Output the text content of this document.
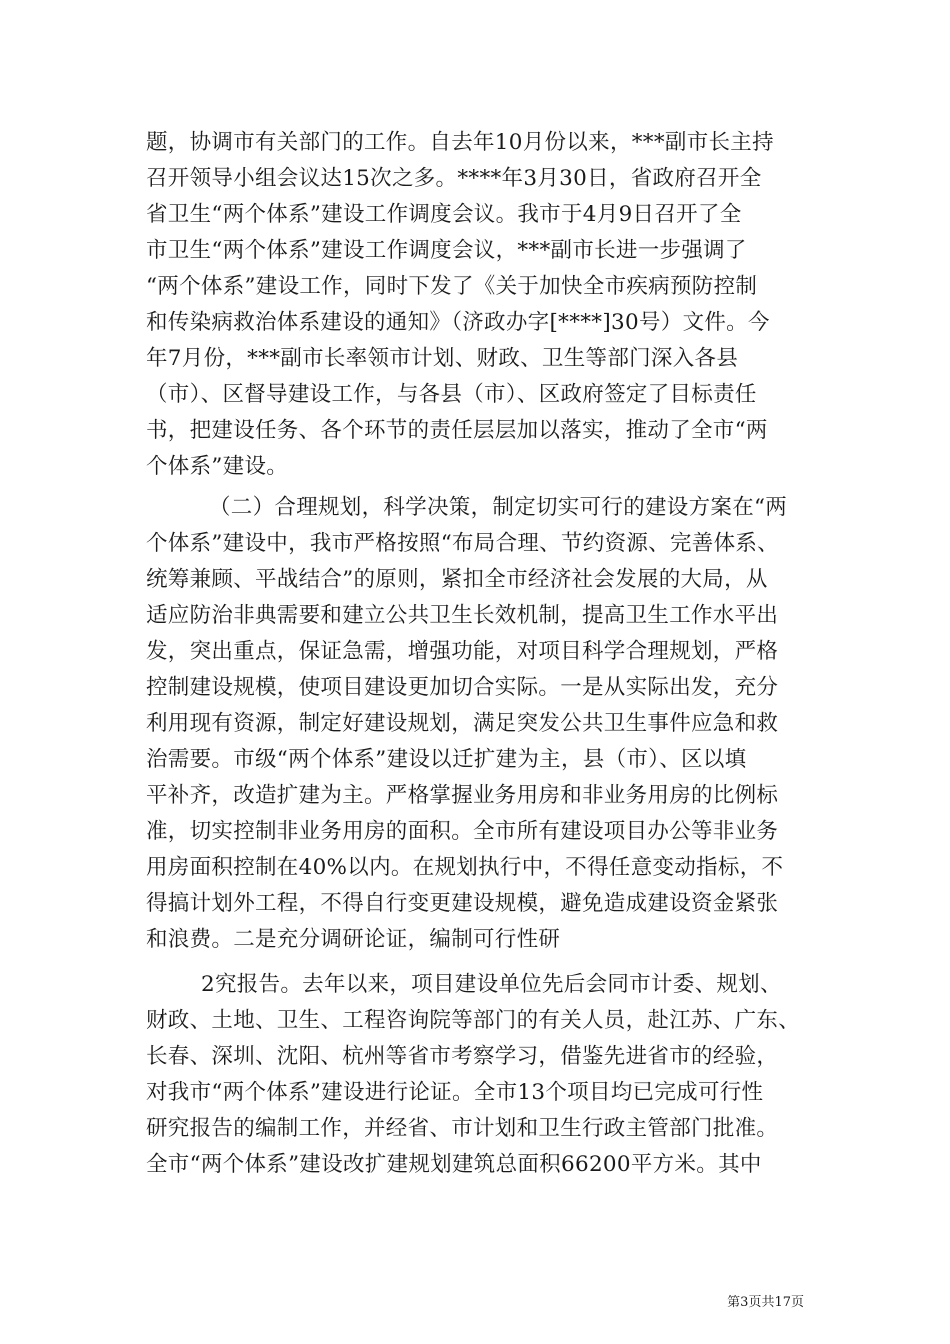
题，协调市有关部门的工作。自去年10月份以来，***副市长主持
召开领导小组会议达15次之多。****年3月30日，省政府召开全
省卫生“两个体系”建设工作调度会议。我市于4月9日召开了全
市卫生“两个体系”建设工作调度会议，***副市长进一步强调了
“两个体系”建设工作，同时下发了《关于加快全市疾病预防控制
和传染病救治体系建设的通知》（济政办字[****]30号）文件。今
年7月份，***副市长率领市计划、财政、卫生等部门深入各县
（市）、区督导建设工作，与各县（市）、区政府签定了目标责任
书，把建设任务、各个环节的责任层层加以落实，推动了全市“两
个体系”建设。
（二）合理规划，科学决策，制定切实可行的建设方案在“两
个体系”建设中，我市严格按照“布局合理、节约资源、完善体系、
统筹兼顾、平战结合”的原则，紧扣全市经济社会发展的大局，从
适应防治非典需要和建立公共卫生长效机制，提高卫生工作水平出
发，突出重点，保证急需，增强功能，对项目科学合理规划，严格
控制建设规模，使项目建设更加切合实际。一是从实际出发，充分
利用现有资源，制定好建设规划，满足突发公共卫生事件应急和救
治需要。市级“两个体系”建设以迁扩建为主，县（市）、区以填
平补齐，改造扩建为主。严格掌握业务用房和非业务用房的比例标
准，切实控制非业务用房的面积。全市所有建设项目办公等非业务
用房面积控制在40%以内。在规划执行中，不得任意变动指标，不
得搞计划外工程，不得自行变更建设规模，避免造成建设资金紧张
和浪费。二是充分调研论证，编制可行性研
2究报告。去年以来，项目建设单位先后会同市计委、规划、
财政、土地、卫生、工程咨询院等部门的有关人员，赴江苏、广东、
长春、深圳、沈阳、杭州等省市考察学习，借鉴先进省市的经验，
对我市“两个体系”建设进行论证。全市13个项目均已完成可行性
研究报告的编制工作，并经省、市计划和卫生行政主管部门批准。
全市“两个体系”建设改扩建规划建筑总面积66200平方米。其中
第3页共17页
